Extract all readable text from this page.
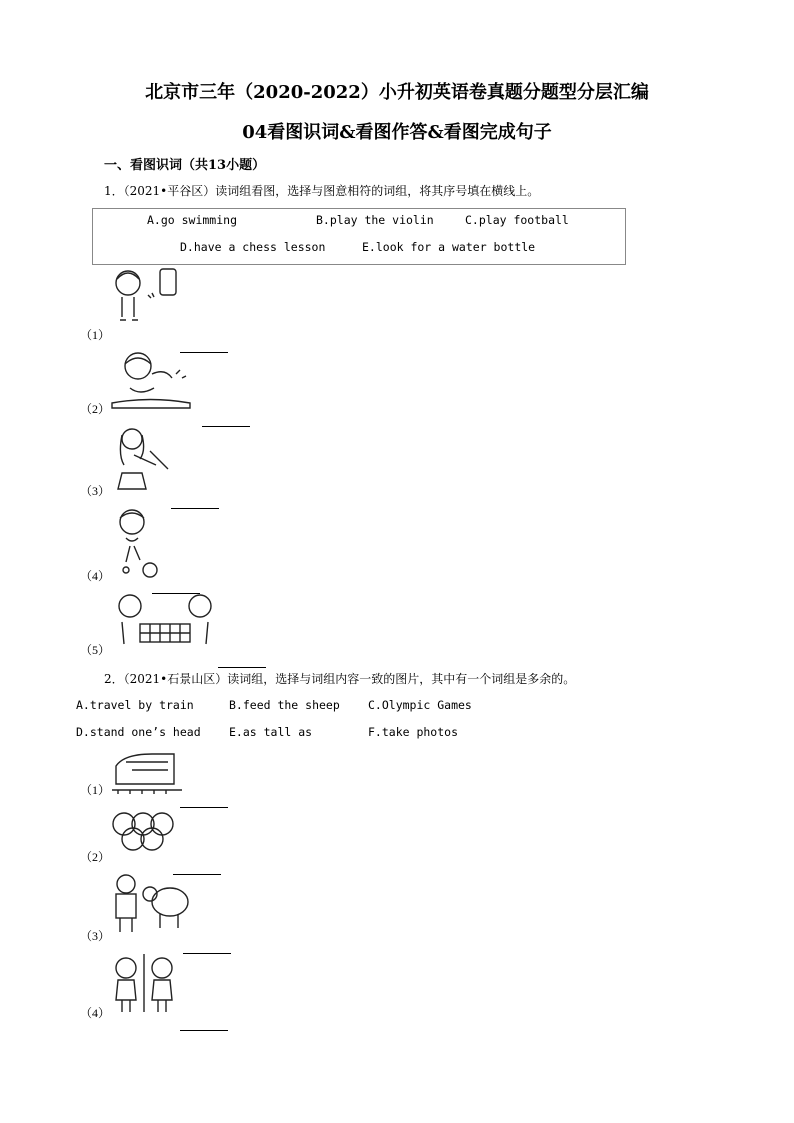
北京市三年（2020-2022）小升初英语卷真题分题型分层汇编
04看图识词&看图作答&看图完成句子
一、看图识词（共13小题）
1．（2021•平谷区）读词组看图，选择与图意相符的词组，将其序号填在横线上。
A.go swimming	B.play the violin	C.play football
D.have a chess lesson	E.look for a water bottle
（1）
（2）
（3）
（4）
（5）
2．（2021•石景山区）读词组，选择与词组内容一致的图片，其中有一个词组是多余的。
A.travel by train	B.feed the sheep C.Olympic Games
D.stand one’s head E.as tall as	F.take photos
（1）
（2）
（3）
（4）
